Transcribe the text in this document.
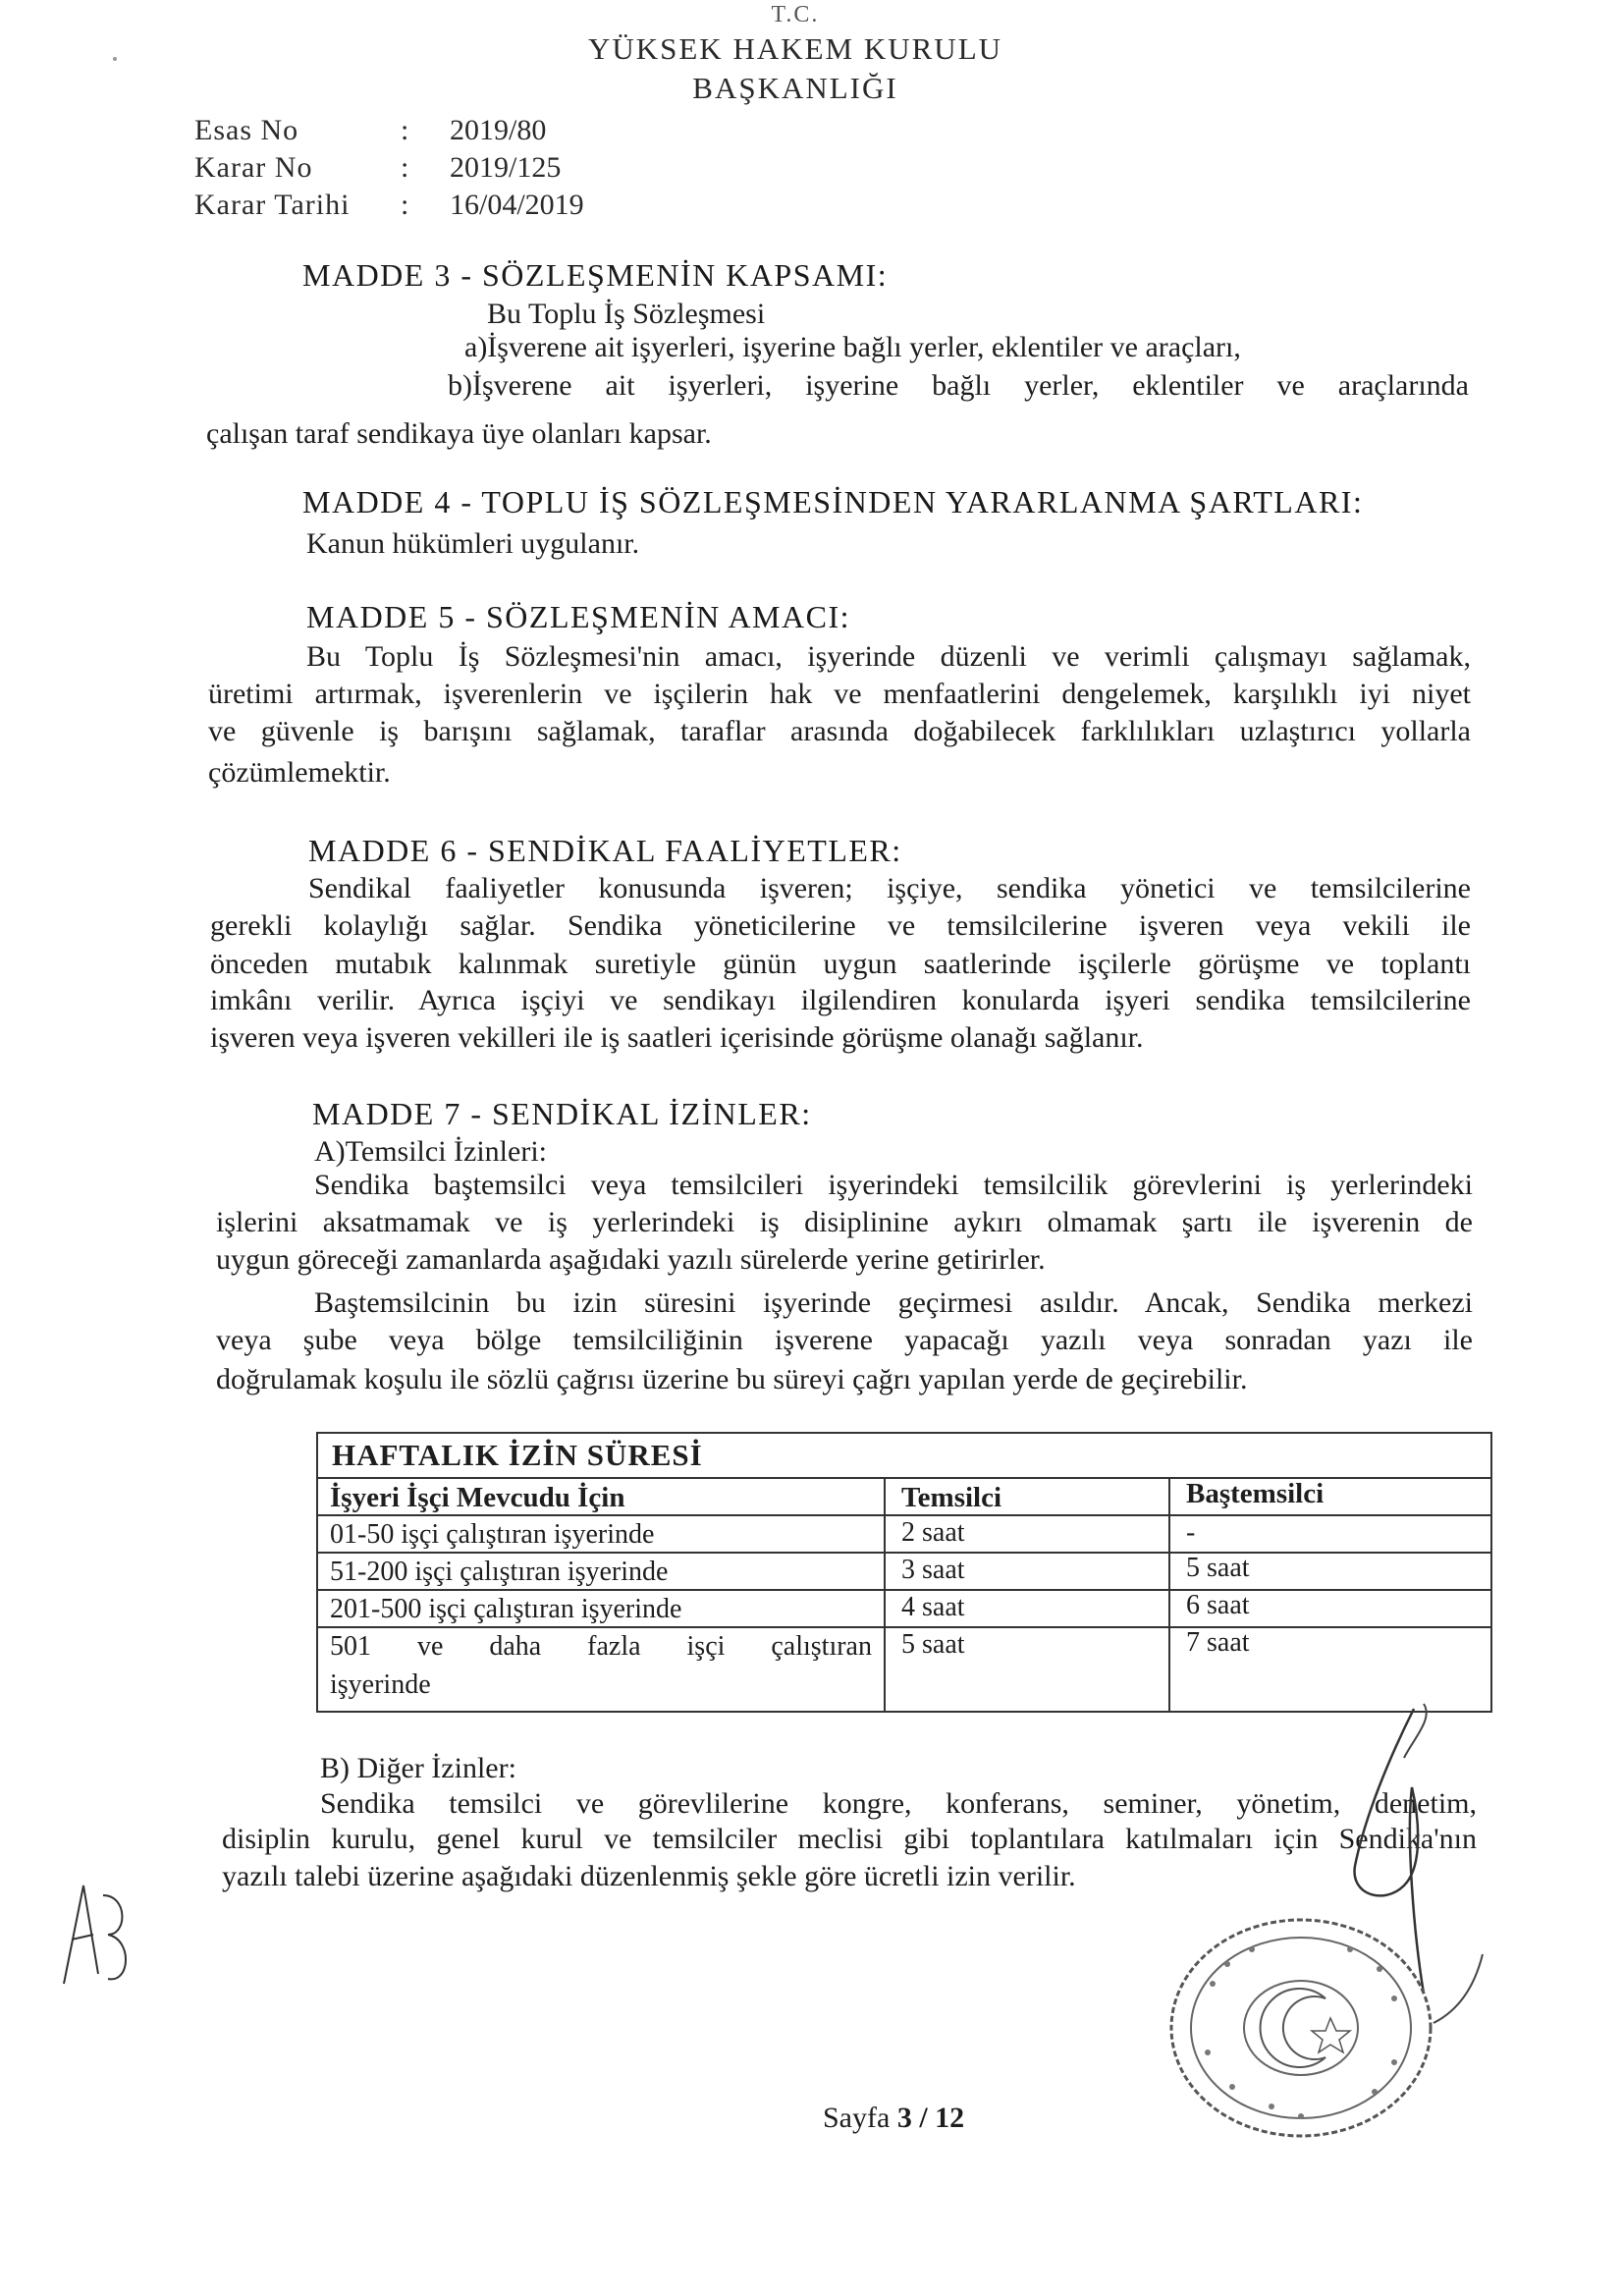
T.C.
YÜKSEK HAKEM KURULU
BAŞKANLIĞI
Esas No	:	2019/80
Karar No	:	2019/125
Karar Tarihi	:	16/04/2019
MADDE 3 - SÖZLEŞMENİN KAPSAMI:
Bu Toplu İş Sözleşmesi
a)İşverene ait işyerleri, işyerine bağlı yerler, eklentiler ve araçları,
b)İşverene ait işyerleri, işyerine bağlı yerler, eklentiler ve araçlarında
çalışan taraf sendikaya üye olanları kapsar.
MADDE 4 - TOPLU İŞ SÖZLEŞMESİNDEN YARARLANMA ŞARTLARI:
Kanun hükümleri uygulanır.
MADDE 5 - SÖZLEŞMENİN AMACI:
Bu Toplu İş Sözleşmesi'nin amacı, işyerinde düzenli ve verimli çalışmayı sağlamak,
üretimi artırmak, işverenlerin ve işçilerin hak ve menfaatlerini dengelemek, karşılıklı iyi niyet
ve güvenle iş barışını sağlamak, taraflar arasında doğabilecek farklılıkları uzlaştırıcı yollarla
çözümlemektir.
MADDE 6 - SENDİKAL FAALİYETLER:
Sendikal faaliyetler konusunda işveren; işçiye, sendika yönetici ve temsilcilerine
gerekli kolaylığı sağlar. Sendika yöneticilerine ve temsilcilerine işveren veya vekili ile
önceden mutabık kalınmak suretiyle günün uygun saatlerinde işçilerle görüşme ve toplantı
imkânı verilir. Ayrıca işçiyi ve sendikayı ilgilendiren konularda işyeri sendika temsilcilerine
işveren veya işveren vekilleri ile iş saatleri içerisinde görüşme olanağı sağlanır.
MADDE 7 - SENDİKAL İZİNLER:
A)Temsilci İzinleri:
Sendika baştemsilci veya temsilcileri işyerindeki temsilcilik görevlerini iş yerlerindeki
işlerini aksatmamak ve iş yerlerindeki iş disiplinine aykırı olmamak şartı ile işverenin de
uygun göreceği zamanlarda aşağıdaki yazılı sürelerde yerine getirirler.
Baştemsilcinin bu izin süresini işyerinde geçirmesi asıldır. Ancak, Sendika merkezi
veya şube veya bölge temsilciliğinin işverene yapacağı yazılı veya sonradan yazı ile
doğrulamak koşulu ile sözlü çağrısı üzerine bu süreyi çağrı yapılan yerde de geçirebilir.
HAFTALIK İZİN SÜRESİ
İşyeri İşçi Mevcudu İçin	Temsilci	Baştemsilci
01-50 işçi çalıştıran işyerinde	2 saat	-
51-200 işçi çalıştıran işyerinde	3 saat	5 saat
201-500 işçi çalıştıran işyerinde	4 saat	6 saat
501 ve daha fazla işçi çalıştıran
işyerinde
5 saat	7 saat
B) Diğer İzinler:
Sendika temsilci ve görevlilerine kongre, konferans, seminer, yönetim, denetim,
disiplin kurulu, genel kurul ve temsilciler meclisi gibi toplantılara katılmaları için Sendika'nın
yazılı talebi üzerine aşağıdaki düzenlenmiş şekle göre ücretli izin verilir.
Sayfa 3 / 12
